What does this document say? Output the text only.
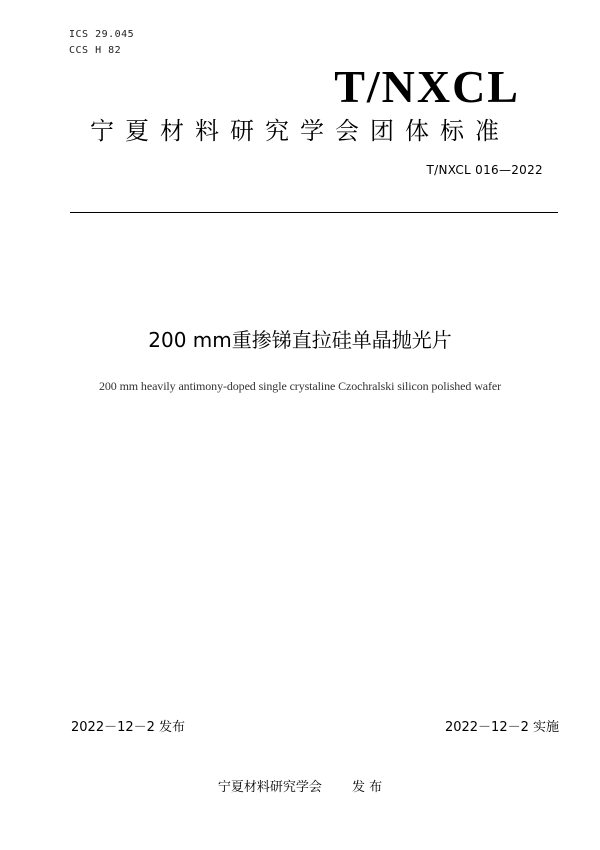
ICS 29.045
CCS H 82
T/NXCL
宁夏材料研究学会团体标准
T/NXCL 016—2022
200 mm重掺锑直拉硅单晶抛光片
200 mm heavily antimony-doped single crystaline Czochralski silicon polished wafer
2022－12－2 发布	2022－12－2 实施
宁夏材料研究学会 发 布
